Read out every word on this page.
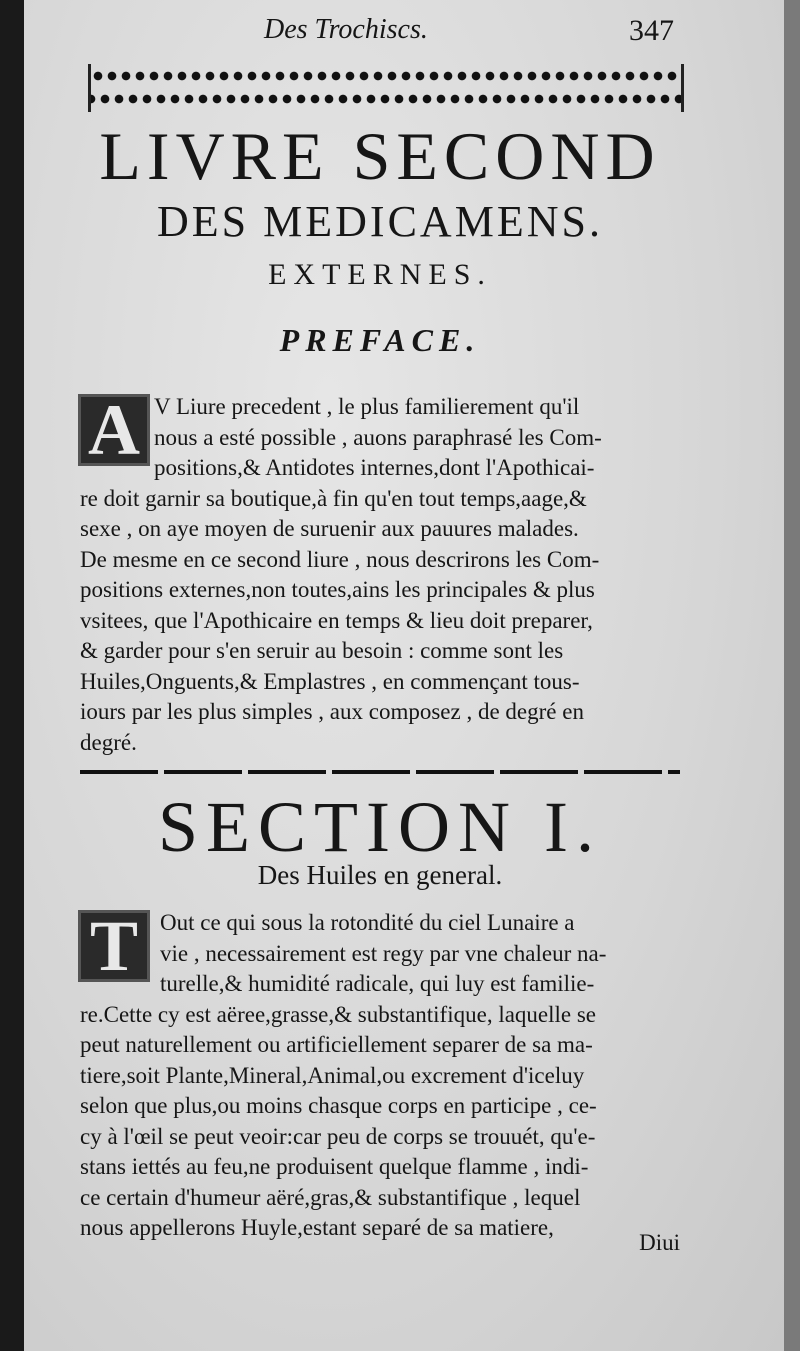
Des Trochiscs.	347
LIVRE SECOND
DES MEDICAMENS.
EXTERNES.
PREFACE.
A V Liure precedent , le plus familierement qu'il
nous a esté possible , auons paraphrasé les Com-
positions,& Antidotes internes,dont l'Apothicai-
re doit garnir sa boutique,à fin qu'en tout temps,aage,&
sexe , on aye moyen de suruenir aux pauures malades.
De mesme en ce second liure , nous descrirons les Com-
positions externes,non toutes,ains les principales & plus
vsitees, que l'Apothicaire en temps & lieu doit preparer,
& garder pour s'en seruir au besoin : comme sont les
Huiles,Onguents,& Emplastres , en commençant tous-
iours par les plus simples , aux composez , de degré en
degré.
SECTION I.
Des Huiles en general.
T Out ce qui sous la rotondité du ciel Lunaire a
vie , necessairement est regy par vne chaleur na-
turelle,& humidité radicale, qui luy est familie-
re.Cette cy est aëree,grasse,& substantifique, laquelle se
peut naturellement ou artificiellement separer de sa ma-
tiere,soit Plante,Mineral,Animal,ou excrement d'iceluy
selon que plus,ou moins chasque corps en participe , ce-
cy à l'œil se peut veoir:car peu de corps se trouuét, qu'e-
stans iettés au feu,ne produisent quelque flamme , indi-
ce certain d'humeur aëré,gras,& substantifique , lequel
nous appellerons Huyle,estant separé de sa matiere,
Diui
